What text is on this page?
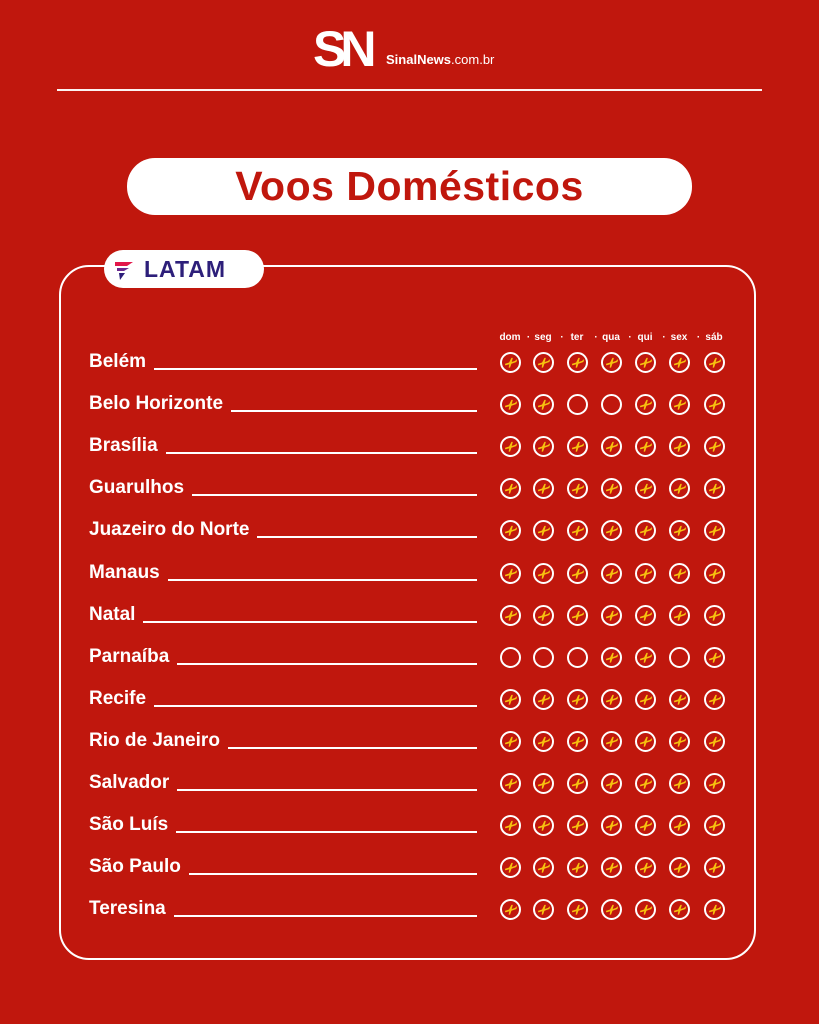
SN SinalNews.com.br
Voos Domésticos
LATAM
dom · seg · ter · qua · qui · sex · sáb
Belém
Belo Horizonte
Brasília
Guarulhos
Juazeiro do Norte
Manaus
Natal
Parnaíba
Recife
Rio de Janeiro
Salvador
São Luís
São Paulo
Teresina
